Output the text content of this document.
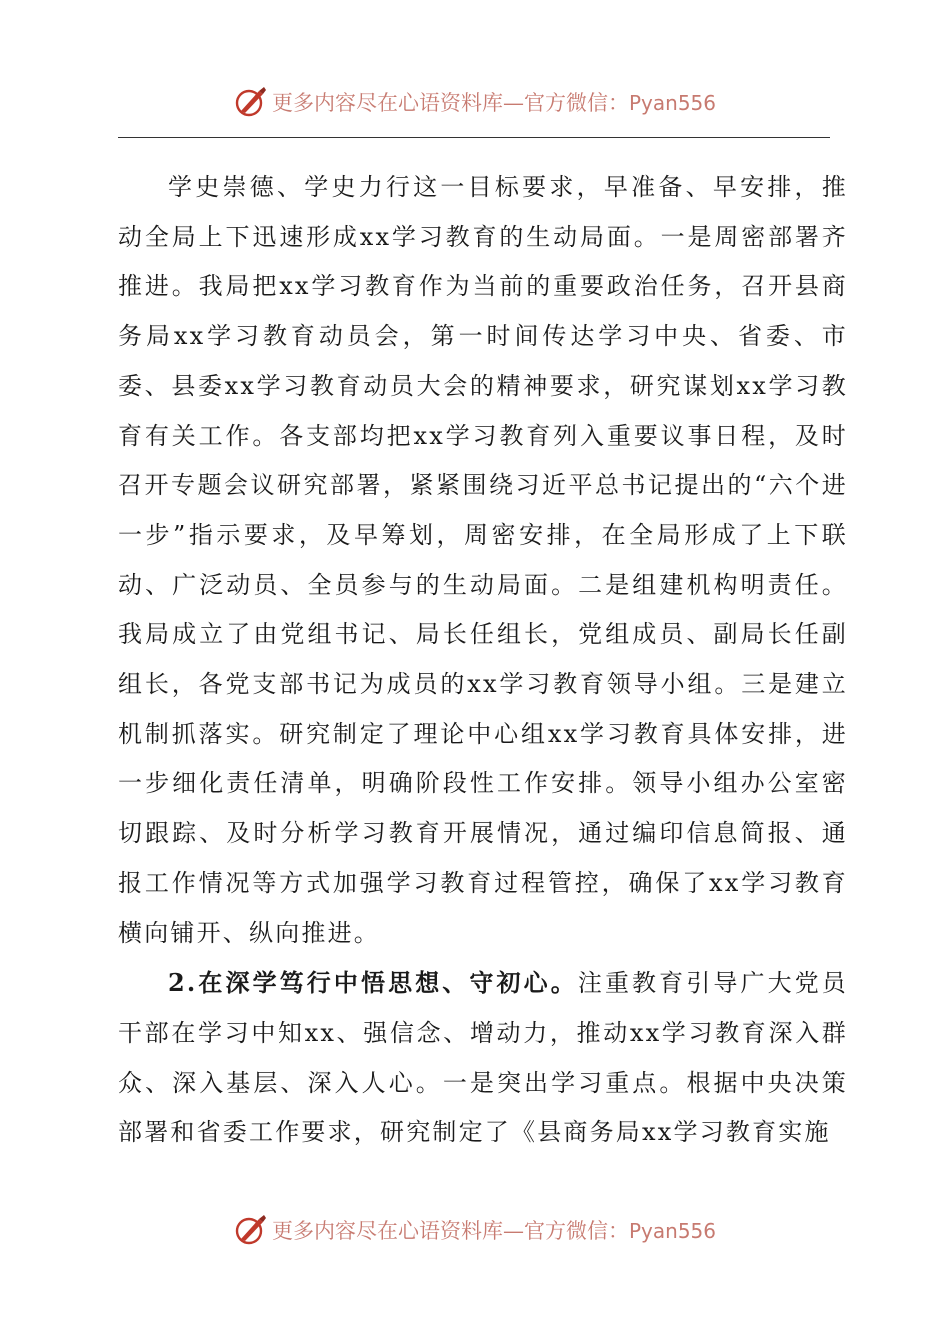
更多内容尽在心语资料库—官方微信：Pyan556

学史崇德、学史力行这一目标要求，早准备、早安排，推动全局上下迅速形成xx学习教育的生动局面。一是周密部署齐推进。我局把xx学习教育作为当前的重要政治任务，召开县商务局xx学习教育动员会，第一时间传达学习中央、省委、市委、县委xx学习教育动员大会的精神要求，研究谋划xx学习教育有关工作。各支部均把xx学习教育列入重要议事日程，及时召开专题会议研究部署，紧紧围绕习近平总书记提出的“六个进一步”指示要求，及早筹划，周密安排，在全局形成了上下联动、广泛动员、全员参与的生动局面。二是组建机构明责任。我局成立了由党组书记、局长任组长，党组成员、副局长任副组长，各党支部书记为成员的xx学习教育领导小组。三是建立机制抓落实。研究制定了理论中心组xx学习教育具体安排，进一步细化责任清单，明确阶段性工作安排。领导小组办公室密切跟踪、及时分析学习教育开展情况，通过编印信息简报、通报工作情况等方式加强学习教育过程管控，确保了xx学习教育横向铺开、纵向推进。

2.在深学笃行中悟思想、守初心。注重教育引导广大党员干部在学习中知xx、强信念、增动力，推动xx学习教育深入群众、深入基层、深入人心。一是突出学习重点。根据中央决策部署和省委工作要求，研究制定了《县商务局xx学习教育实施

更多内容尽在心语资料库—官方微信：Pyan556
